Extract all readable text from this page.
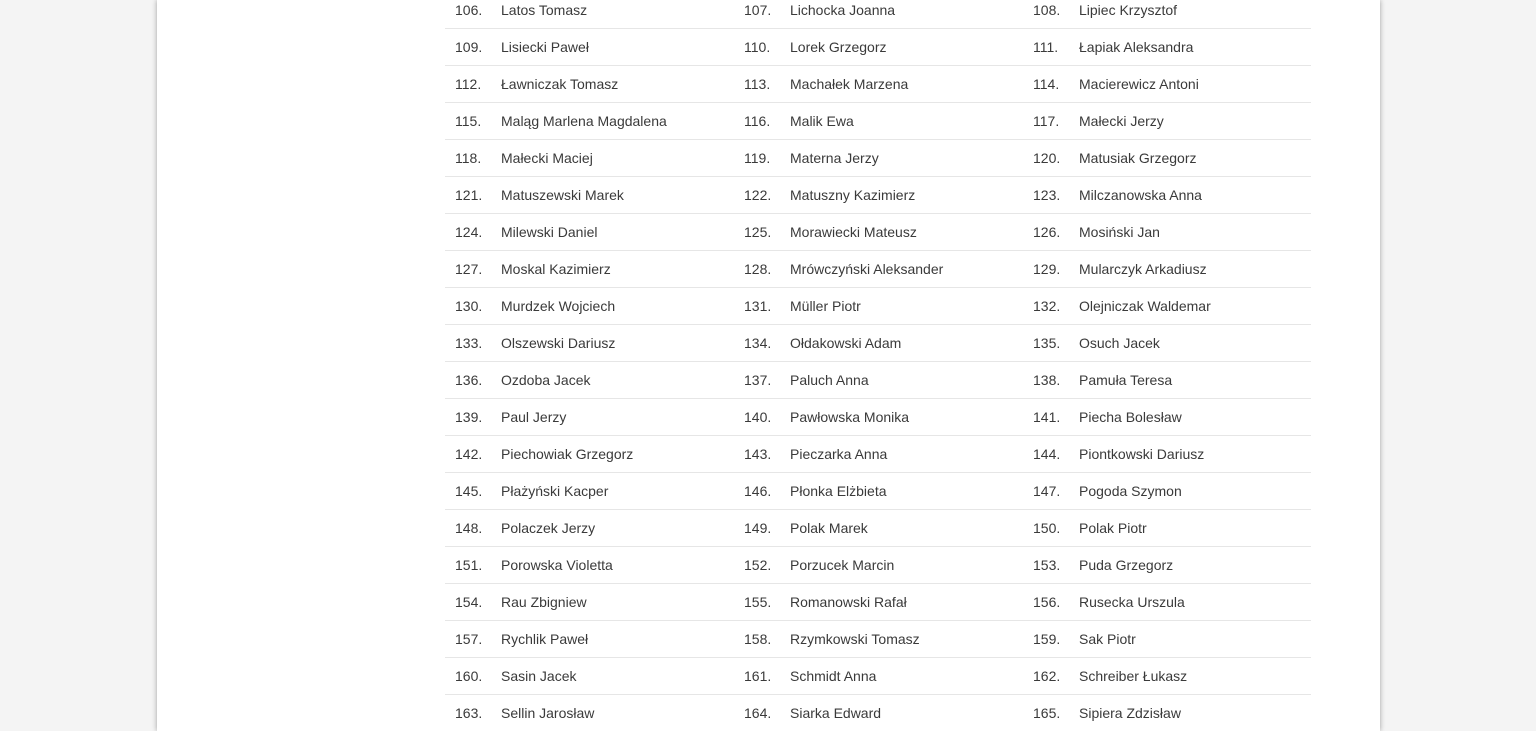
106.	Latos Tomasz	107.	Lichocka Joanna	108.	Lipiec Krzysztof
109.	Lisiecki Paweł	110.	Lorek Grzegorz	111.	Łapiak Aleksandra
112.	Ławniczak Tomasz	113.	Machałek Marzena	114.	Macierewicz Antoni
115.	Maląg Marlena Magdalena	116.	Malik Ewa	117.	Małecki Jerzy
118.	Małecki Maciej	119.	Materna Jerzy	120.	Matusiak Grzegorz
121.	Matuszewski Marek	122.	Matuszny Kazimierz	123.	Milczanowska Anna
124.	Milewski Daniel	125.	Morawiecki Mateusz	126.	Mosiński Jan
127.	Moskal Kazimierz	128.	Mrówczyński Aleksander	129.	Mularczyk Arkadiusz
130.	Murdzek Wojciech	131.	Müller Piotr	132.	Olejniczak Waldemar
133.	Olszewski Dariusz	134.	Ołdakowski Adam	135.	Osuch Jacek
136.	Ozdoba Jacek	137.	Paluch Anna	138.	Pamuła Teresa
139.	Paul Jerzy	140.	Pawłowska Monika	141.	Piecha Bolesław
142.	Piechowiak Grzegorz	143.	Pieczarka Anna	144.	Piontkowski Dariusz
145.	Płażyński Kacper	146.	Płonka Elżbieta	147.	Pogoda Szymon
148.	Polaczek Jerzy	149.	Polak Marek	150.	Polak Piotr
151.	Porowska Violetta	152.	Porzucek Marcin	153.	Puda Grzegorz
154.	Rau Zbigniew	155.	Romanowski Rafał	156.	Rusecka Urszula
157.	Rychlik Paweł	158.	Rzymkowski Tomasz	159.	Sak Piotr
160.	Sasin Jacek	161.	Schmidt Anna	162.	Schreiber Łukasz
163.	Sellin Jarosław	164.	Siarka Edward	165.	Sipiera Zdzisław
